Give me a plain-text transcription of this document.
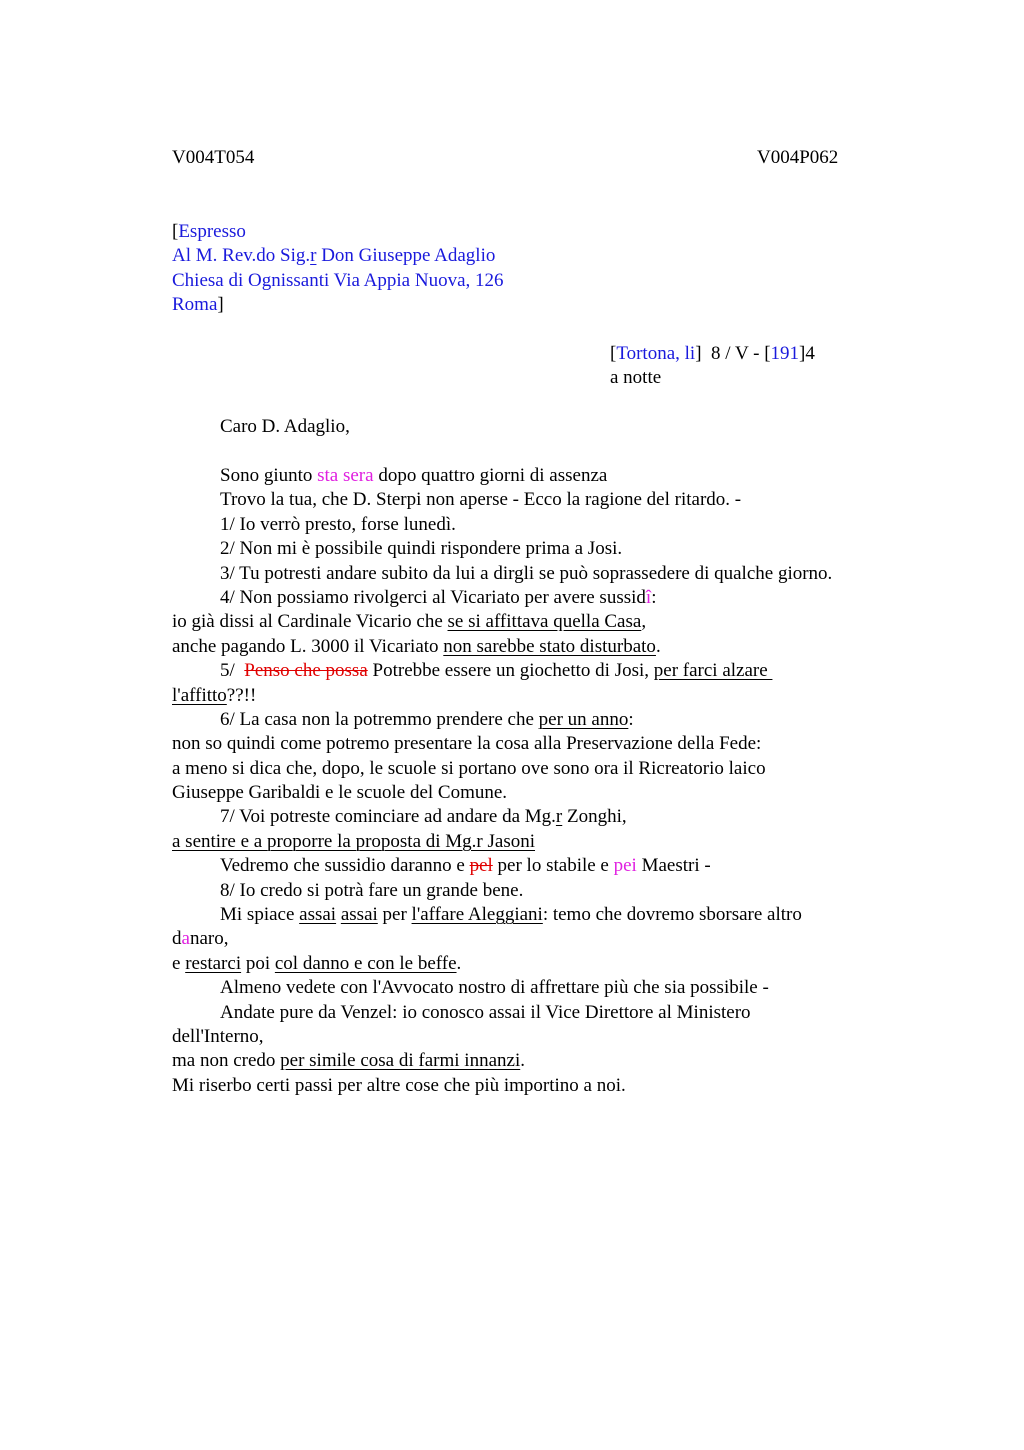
V004T054	V004P062
[Espresso
Al M. Rev.do Sig.r Don Giuseppe Adaglio
Chiesa di Ognissanti Via Appia Nuova, 126
Roma]
[Tortona, li]  8 / V - [191]4
a notte
Caro D. Adaglio,
Sono giunto sta sera dopo quattro giorni di assenza
Trovo la tua, che D. Sterpi non aperse - Ecco la ragione del ritardo. -
1/ Io verrò presto, forse lunedì.
2/ Non mi è possibile quindi rispondere prima a Josi.
3/ Tu potresti andare subito da lui a dirgli se può soprassedere di qualche giorno.
4/ Non possiamo rivolgerci al Vicariato per avere sussidî:
io già dissi al Cardinale Vicario che se si affittava quella Casa,
anche pagando L. 3000 il Vicariato non sarebbe stato disturbato.
5/  Penso che possa Potrebbe essere un giochetto di Josi, per farci alzare
l'affitto??!!
6/ La casa non la potremmo prendere che per un anno:
non so quindi come potremo presentare la cosa alla Preservazione della Fede:
a meno si dica che, dopo, le scuole si portano ove sono ora il Ricreatorio laico
Giuseppe Garibaldi e le scuole del Comune.
7/ Voi potreste cominciare ad andare da Mg.r Zonghi,
a sentire e a proporre la proposta di Mg.r Jasoni
Vedremo che sussidio daranno e pel per lo stabile e pei Maestri -
8/ Io credo si potrà fare un grande bene.
Mi spiace assai assai per l'affare Aleggiani: temo che dovremo sborsare altro
danaro,
e restarci poi col danno e con le beffe.
Almeno vedete con l'Avvocato nostro di affrettare più che sia possibile -
Andate pure da Venzel: io conosco assai il Vice Direttore al Ministero
dell'Interno,
ma non credo per simile cosa di farmi innanzi.
Mi riserbo certi passi per altre cose che più importino a noi.
